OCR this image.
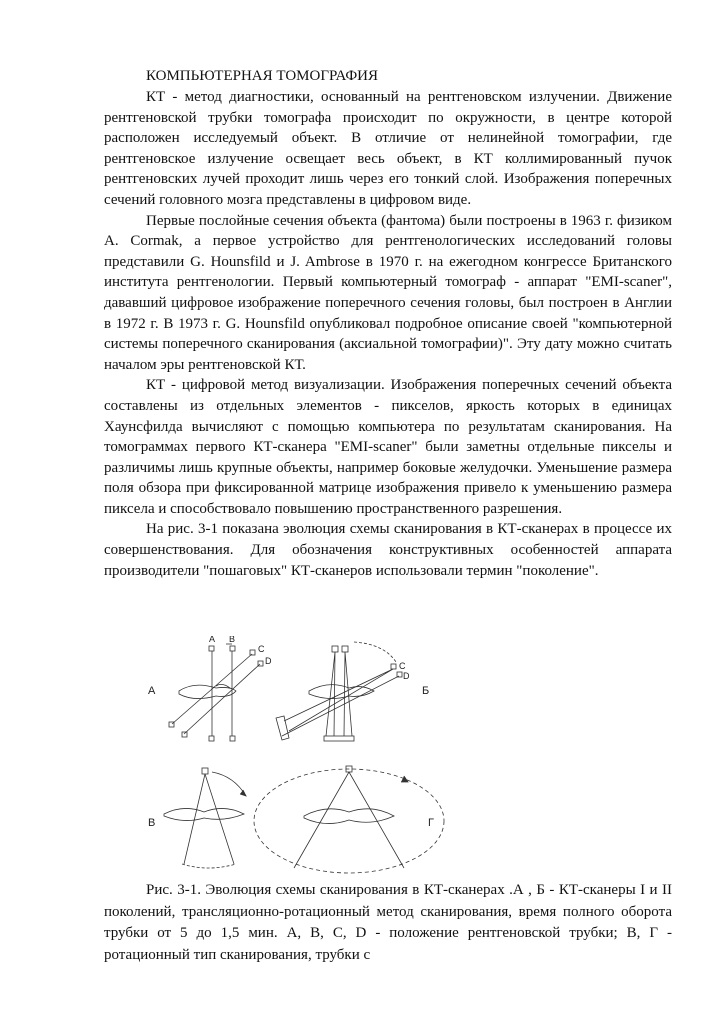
КОМПЬЮТЕРНАЯ ТОМОГРАФИЯ

КТ - метод диагностики, основанный на рентгеновском излучении. Движение рентгеновской трубки томографа происходит по окружности, в центре которой расположен исследуемый объект. В отличие от нелинейной томографии, где рентгеновское излучение освещает весь объект, в КТ коллимированный пучок рентгеновских лучей проходит лишь через его тонкий слой. Изображения поперечных сечений головного мозга представлены в цифровом виде.

Первые послойные сечения объекта (фантома) были построены в 1963 г. физиком A. Cormak, а первое устройство для рентгенологических исследований головы представили G. Hounsfild и J. Ambrose в 1970 г. на ежегодном конгрессе Британского института рентгенологии. Первый компьютерный томограф - аппарат "EMI-scaner", дававший цифровое изображение поперечного сечения головы, был построен в Англии в 1972 г. В 1973 г. G. Hounsfild опубликовал подробное описание своей "компьютерной системы поперечного сканирования (аксиальной томографии)". Эту дату можно считать началом эры рентгеновской КТ.

КТ - цифровой метод визуализации. Изображения поперечных сечений объекта составлены из отдельных элементов - пикселов, яркость которых в единицах Хаунсфилда вычисляют с помощью компьютера по результатам сканирования. На томограммах первого КТ-сканера "EMI-scaner" были заметны отдельные пикселы и различимы лишь крупные объекты, например боковые желудочки. Уменьшение размера поля обзора при фиксированной матрице изображения привело к уменьшению размера пиксела и способствовало повышению пространственного разрешения.

На рис. 3-1 показана эволюция схемы сканирования в КТ-сканерах в процессе их совершенствования. Для обозначения конструктивных особенностей аппарата производители "пошаговых" КТ-сканеров использовали термин "поколение".

A B
C
D	C
D
А	Б
В	Г

Рис. 3-1. Эволюция схемы сканирования в КТ-сканерах .А , Б - КТ-сканеры I и II поколений, трансляционно-ротационный метод сканирования, время полного оборота трубки от 5 до 1,5 мин. A, B, C, D - положение рентгеновской трубки; В, Г - ротационный тип сканирования, трубки с
